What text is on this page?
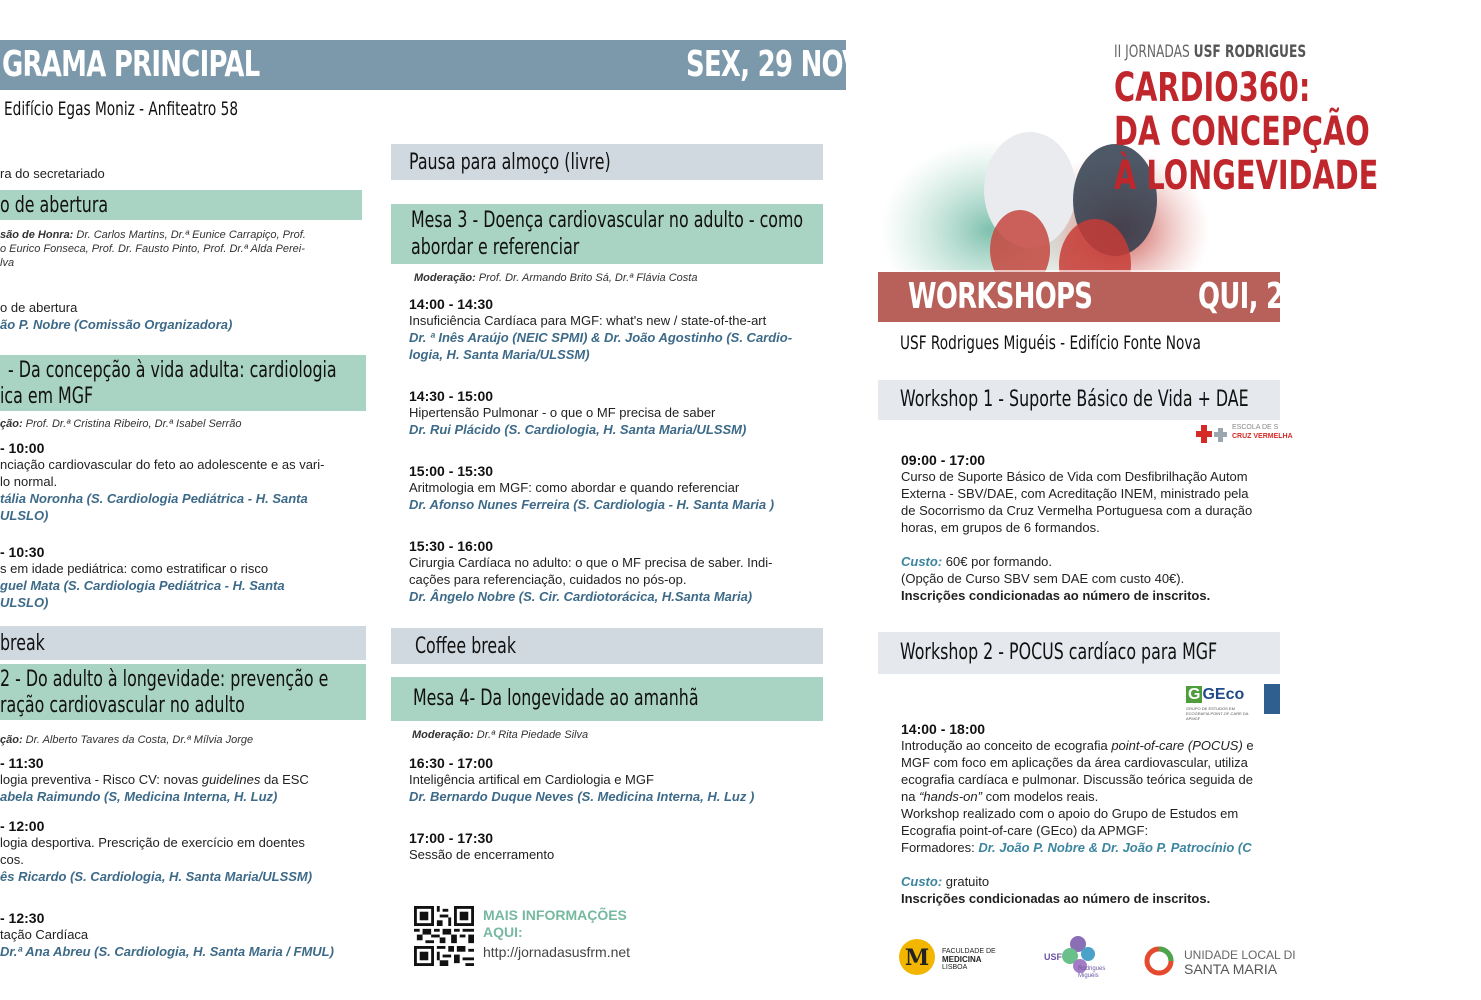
GRAMA PRINCIPAL	SEX, 29 NOV
Edifício Egas Moniz - Anfiteatro 58
ra do secretariado
o de abertura
são de Honra: Dr. Carlos Martins, Dr.ª Eunice Carrapiço, Prof.
o Eurico Fonseca, Prof. Dr. Fausto Pinto, Prof. Dr.ª Alda Perei-
lva
o de abertura
ão P. Nobre (Comissão Organizadora)
- Da concepção à vida adulta: cardiologia
ica em MGF
ção: Prof. Dr.ª Cristina Ribeiro, Dr.ª Isabel Serrão
- 10:00
nciação cardiovascular do feto ao adolescente e as vari-
lo normal.
tália Noronha (S. Cardiologia Pediátrica - H. Santa
ULSLO)
- 10:30
s em idade pediátrica: como estratificar o risco
guel Mata (S. Cardiologia Pediátrica - H. Santa
ULSLO)
break
2 - Do adulto à longevidade: prevenção e
ração cardiovascular no adulto
ção: Dr. Alberto Tavares da Costa, Dr.ª Mílvia Jorge
- 11:30
logia preventiva - Risco CV: novas guidelines da ESC
abela Raimundo (S, Medicina Interna, H. Luz)
- 12:00
logia desportiva. Prescrição de exercício em doentes
cos.
ês Ricardo (S. Cardiologia, H. Santa Maria/ULSSM)
- 12:30
tação Cardíaca
Dr.ª Ana Abreu (S. Cardiologia, H. Santa Maria / FMUL)
Pausa para almoço (livre)
Mesa 3 - Doença cardiovascular no adulto - como
abordar e referenciar
Moderação: Prof. Dr. Armando Brito Sá, Dr.ª Flávia Costa
14:00 - 14:30
Insuficiência Cardíaca para MGF: what's new / state-of-the-art
Dr. ª Inês Araújo (NEIC SPMI) & Dr. João Agostinho (S. Cardio-
logia, H. Santa Maria/ULSSM)
14:30 - 15:00
Hipertensão Pulmonar - o que o MF precisa de saber
Dr. Rui Plácido (S. Cardiologia, H. Santa Maria/ULSSM)
15:00 - 15:30
Aritmologia em MGF: como abordar e quando referenciar
Dr. Afonso Nunes Ferreira (S. Cardiologia - H. Santa Maria )
15:30 - 16:00
Cirurgia Cardíaca no adulto: o que o MF precisa de saber. Indi-
cações para referenciação, cuidados no pós-op.
Dr. Ângelo Nobre (S. Cir. Cardiotorácica, H.Santa Maria)
Coffee break
Mesa 4- Da longevidade ao amanhã
Moderação: Dr.ª Rita Piedade Silva
16:30 - 17:00
Inteligência artifical em Cardiologia e MGF
Dr. Bernardo Duque Neves (S. Medicina Interna, H. Luz )
17:00 - 17:30
Sessão de encerramento
MAIS INFORMAÇÕES
AQUI:
http://jornadasusfrm.net
II JORNADAS USF RODRIGUES
CARDIO360:
DA CONCEPÇÃO
À LONGEVIDADE
WORKSHOPS	QUI, 28
USF Rodrigues Miguéis - Edifício Fonte Nova
Workshop 1 - Suporte Básico de Vida + DAE
ESCOLA DE S
CRUZ VERMELHA
09:00 - 17:00
Curso de Suporte Básico de Vida com Desfibrilhação Autom
Externa - SBV/DAE, com Acreditação INEM, ministrado pela
de Socorrismo da Cruz Vermelha Portuguesa com a duração
horas, em grupos de 6 formandos.
Custo: 60€ por formando.
(Opção de Curso SBV sem DAE com custo 40€).
Inscrições condicionadas ao número de inscritos.
Workshop 2 - POCUS cardíaco para MGF
G GEco
GRUPO DE ESTUDOS EM ECOGRAFIA POINT-OF-CARE DA APMGF
14:00 - 18:00
Introdução ao conceito de ecografia point-of-care (POCUS) e
MGF com foco em aplicações da área cardiovascular, utiliza
ecografia cardíaca e pulmonar. Discussão teórica seguida de
na “hands-on” com modelos reais.
Workshop realizado com o apoio do Grupo de Estudos em
Ecografia point-of-care (GEco) da APMGF:
Formadores: Dr. João P. Nobre & Dr. João P. Patrocínio (C
Custo: gratuito
Inscrições condicionadas ao número de inscritos.
M FACULDADE DE
MEDICINA
LISBOA
USF
Rodrigues
Miguéis
UNIDADE LOCAL DI
SANTA MARIA
